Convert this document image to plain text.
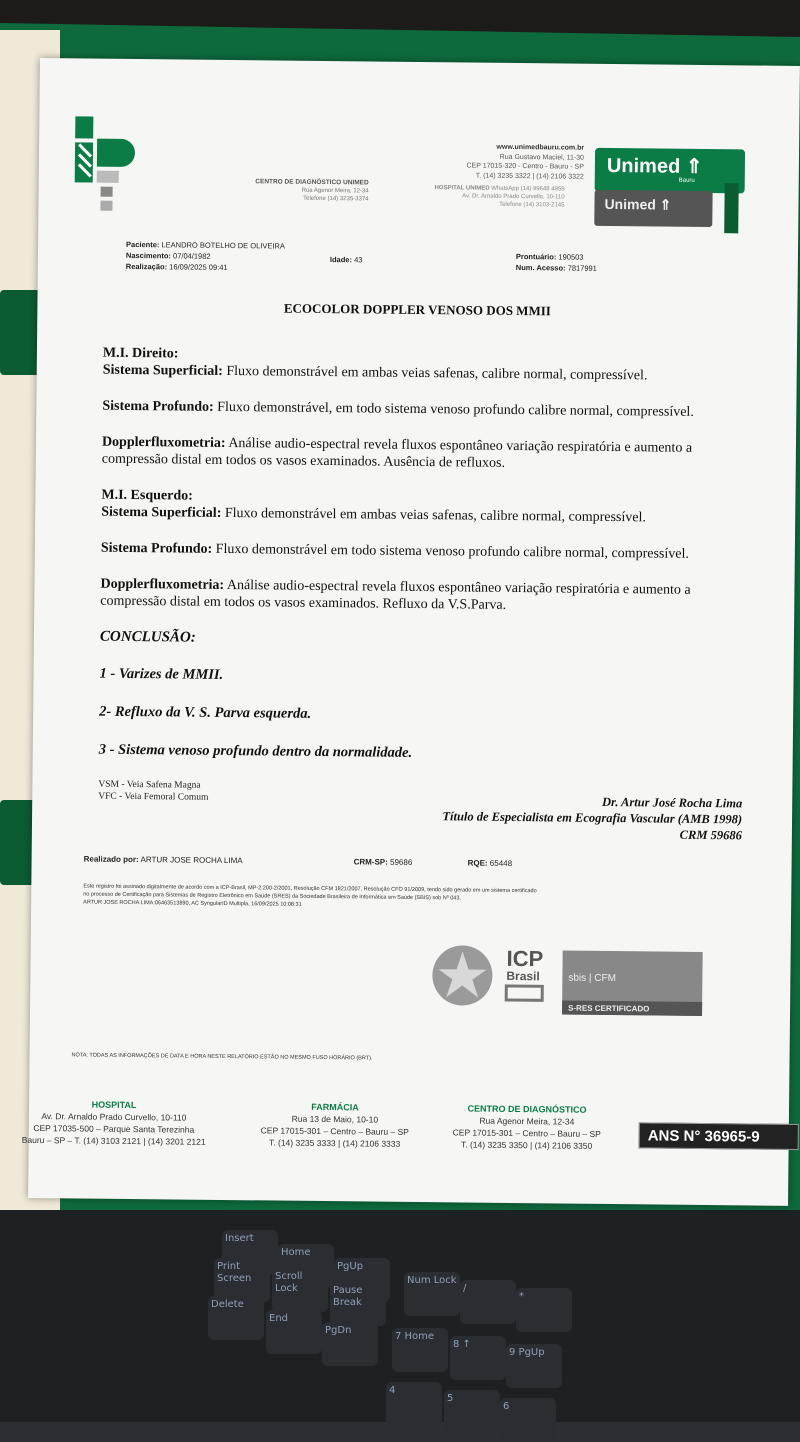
Insert
Home
PgUp
Print Screen	Scroll Lock	Pause Break
Delete
End
PgDn
Num Lock
/
*
7 Home
8 ↑
9 PgUp
4
5
6
CENTRO DE DIAGNÓSTICO UNIMED
Rua Agenor Meira, 12-34
Telefone (14) 3235-3374
HOSPITAL UNIMED WhatsApp (14) 99648 4959
Av. Dr. Arnaldo Prado Curvello, 10-110
Telefone (14) 3103-2145
www.unimedbauru.com.br
Rua Gustavo Maciel, 11-30
CEP 17015-320 - Centro - Bauru - SP
T. (14) 3235 3322 | (14) 2106 3322	Unimed ⇑
Bauru
Unimed ⇑
Paciente: LEANDRO BOTELHO DE OLIVEIRA
Nascimento: 07/04/1982
Realização: 16/09/2025 09:41
Idade: 43	Prontuário: 190503
Num. Acesso: 7817991
ECOCOLOR DOPPLER VENOSO DOS MMII

M.I. Direito:

Sistema Superficial: Fluxo demonstrável em ambas veias safenas, calibre normal, compressível.

Sistema Profundo: Fluxo demonstrável, em todo sistema venoso profundo calibre normal, compressível.

Dopplerfluxometria: Análise audio-espectral revela fluxos espontâneo variação respiratória e aumento a compressão distal em todos os vasos examinados. Ausência de refluxos.

M.I. Esquerdo:

Sistema Superficial: Fluxo demonstrável em ambas veias safenas, calibre normal, compressível.

Sistema Profundo: Fluxo demonstrável em todo sistema venoso profundo calibre normal, compressível.

Dopplerfluxometria: Análise audio-espectral revela fluxos espontâneo variação respiratória e aumento a compressão distal em todos os vasos examinados. Refluxo da V.S.Parva.

CONCLUSÃO:

1 - Varizes de MMII.

2- Refluxo da V. S. Parva esquerda.

3 - Sistema venoso profundo dentro da normalidade.

VSM - Veia Safena Magna
VFC - Veia Femoral Comum	Dr. Artur José Rocha Lima
Título de Especialista em Ecografia Vascular (AMB 1998)
CRM 59686
Realizado por: ARTUR JOSE ROCHA LIMA	CRM-SP: 59686	RQE: 65448
Este registro foi assinado digitalmente de acordo com a ICP-Brasil, MP-2.200-2/2001, Resolução CFM 1821/2007, Resolução CFO 91/2009, tendo sido gerado em um sistema certificado
no processo de Certificação para Sistemas de Registro Eletrônico em Saúde (SRES) da Sociedade Brasileira de Informática em Saúde (SBIS) sob Nº 043.
ARTUR JOSE ROCHA LIMA:06463513890, AC SyngularID Multipla, 16/09/2025 10:08:31
ICP
Brasil	sbis | CFM
S-RES CERTIFICADO
NOTA: TODAS AS INFORMAÇÕES DE DATA E HORA NESTE RELATÓRIO ESTÃO NO MESMO FUSO HORÁRIO (BRT).
HOSPITAL
Av. Dr. Arnaldo Prado Curvello, 10-110
CEP 17035-500 – Parque Santa Terezinha
Bauru – SP – T. (14) 3103 2121 | (14) 3201 2121
FARMÁCIA
Rua 13 de Maio, 10-10
CEP 17015-301 – Centro – Bauru – SP
T. (14) 3235 3333 | (14) 2106 3333
CENTRO DE DIAGNÓSTICO
Rua Agenor Meira, 12-34
CEP 17015-301 – Centro – Bauru – SP
T. (14) 3235 3350 | (14) 2106 3350	ANS N° 36965-9
